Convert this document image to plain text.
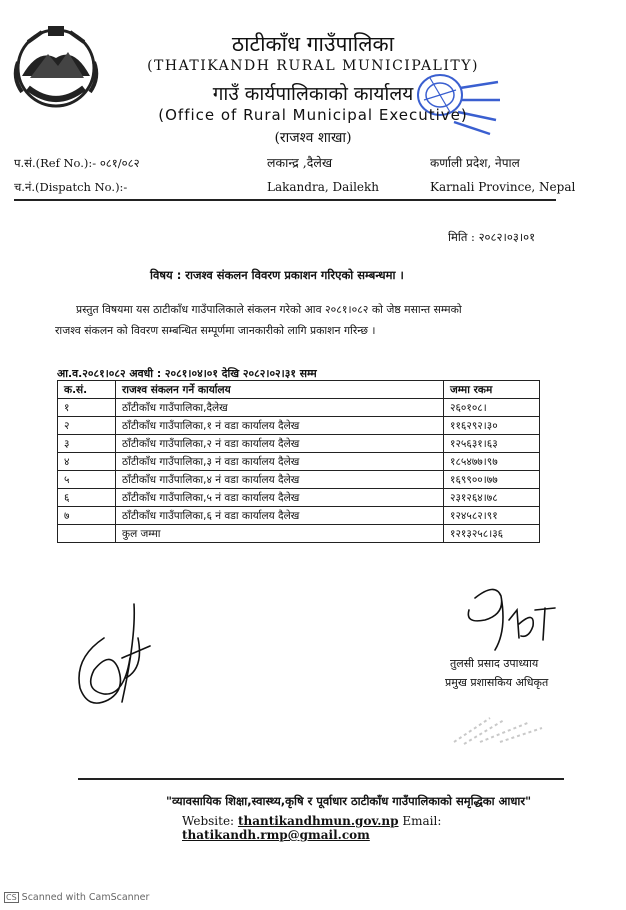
ठाटीकाँध गाउँपालिका
(THATIKANDH RURAL MUNICIPALITY)
गाउँ कार्यपालिकाको कार्यालय
(Office of Rural Municipal Executive)
(राजश्व शाखा)
प.सं.(Ref No.):- ०८१/०८२	लकान्द्र ,दैलेख	कर्णाली प्रदेश, नेपाल
च.नं.(Dispatch No.):-	Lakandra, Dailekh	Karnali Province, Nepal
मिति : २०८२।०३।०१
विषय : राजश्व संकलन विवरण प्रकाशन गरिएको सम्बन्धमा ।
प्रस्तुत विषयमा यस ठाटीकाँध गाउँपालिकाले संकलन गरेको आव २०८१।०८२ को जेष्ठ मसान्त सम्मको
राजश्व संकलन को विवरण सम्बन्धित सम्पूर्णमा जानकारीको लागि प्रकाशन गरिन्छ ।
आ.व.२०८१।०८२ अवधी : २०८१।०४।०१ देखि २०८२।०२।३१ सम्म
क.सं.	राजश्व संकलन गर्ने कार्यालय	जम्मा रकम
१	ठाँटीकाँध गाउँपालिका,दैलेख	२६०१०८।
२	ठाँटीकाँध गाउँपालिका,१ नं वडा कार्यालय दैलेख	११६२९२।३०
३	ठाँटीकाँध गाउँपालिका,२ नं वडा कार्यालय दैलेख	१२५६३१।६३
४	ठाँटीकाँध गाउँपालिका,३ नं वडा कार्यालय दैलेख	१८५४७७।९७
५	ठाँटीकाँध गाउँपालिका,४ नं वडा कार्यालय दैलेख	१६९९००।७७
६	ठाँटीकाँध गाउँपालिका,५ नं वडा कार्यालय दैलेख	२३१२६४।७८
७	ठाँटीकाँध गाउँपालिका,६ नं वडा कार्यालय दैलेख	१२४५८२।९१
	कुल जम्मा	१२१३२५८।३६
तुलसी प्रसाद उपाध्याय
प्रमुख प्रशासकिय अधिकृत
"व्यावसायिक शिक्षा,स्वास्थ्य,कृषि र पूर्वाधार ठाटीकाँध गाउँपालिकाको समृद्धिका आधार"
Website: thantikandhmun.gov.np Email: thatikandh.rmp@gmail.com
CS Scanned with CamScanner
